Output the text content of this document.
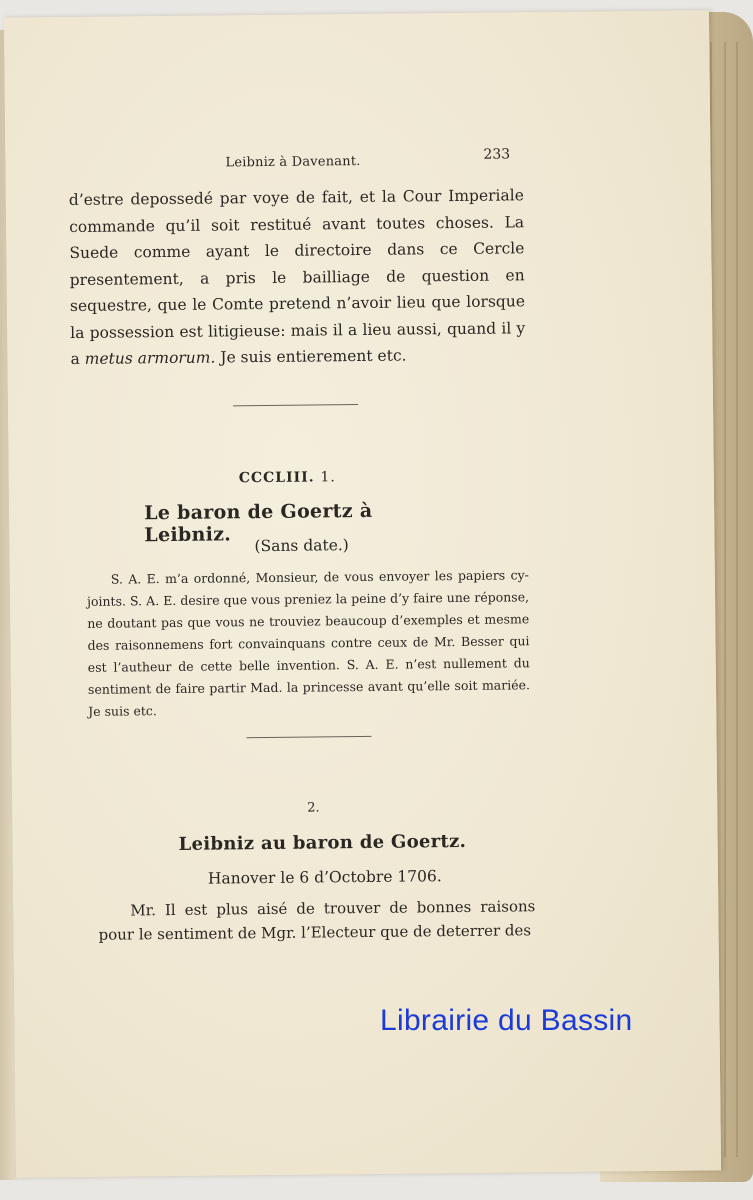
Leibniz à Davenant.	233

d’estre depossedé par voye de fait, et la Cour Imperiale commande qu’il soit restitué avant toutes choses. La Suede comme ayant le directoire dans ce Cercle presentement, a pris le bailliage de question en sequestre, que le Comte pretend n’avoir lieu que lorsque la possession est litigieuse: mais il a lieu aussi, quand il y a metus armorum. Je suis entierement etc.

CCCLIII. 1.
Le baron de Goertz à Leibniz.	(Sans date.)

S. A. E. m’a ordonné, Monsieur, de vous envoyer les papiers cy-joints. S. A. E. desire que vous preniez la peine d’y faire une réponse, ne doutant pas que vous ne trouviez beaucoup d’exemples et mesme des raisonnemens fort convainquans contre ceux de Mr. Besser qui est l’autheur de cette belle invention. S. A. E. n’est nullement du sentiment de faire partir Mad. la princesse avant qu’elle soit mariée. Je suis etc.

2.
Leibniz au baron de Goertz.
Hanover le 6 d’Octobre 1706.

Mr. Il est plus aisé de trouver de bonnes raisons pour le sentiment de Mgr. l’Electeur que de deterrer des

Librairie du Bassin
